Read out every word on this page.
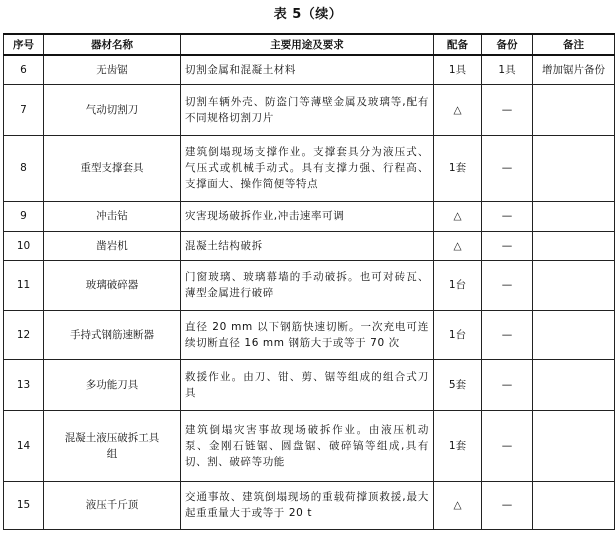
表 5（续）
序号	器材名称	主要用途及要求	配备	备份	备注
6	无齿锯	切割金属和混凝土材料	1具	1具	增加锯片备份
7	气动切割刀	切割车辆外壳、防盗门等薄壁金属及玻璃等,配有不同规格切割刀片	△	—	
8	重型支撑套具	建筑倒塌现场支撑作业。支撑套具分为液压式、气压式或机械手动式。具有支撑力强、行程高、支撑面大、操作简便等特点	1套	—	
9	冲击钻	灾害现场破拆作业,冲击速率可调	△	—	
10	凿岩机	混凝土结构破拆	△	—	
11	玻璃破碎器	门窗玻璃、玻璃幕墙的手动破拆。也可对砖瓦、薄型金属进行破碎	1台	—	
12	手持式钢筋速断器	直径 20 mm 以下钢筋快速切断。一次充电可连续切断直径 16 mm 钢筋大于或等于 70 次	1台	—	
13	多功能刀具	救援作业。由刀、钳、剪、锯等组成的组合式刀具	5套	—	
14	混凝土液压破拆工具组	建筑倒塌灾害事故现场破拆作业。由液压机动泵、金刚石链锯、圆盘锯、破碎镐等组成,具有切、割、破碎等功能	1套	—	
15	液压千斤顶	交通事故、建筑倒塌现场的重载荷撑顶救援,最大起重重量大于或等于 20 t	△	—	
